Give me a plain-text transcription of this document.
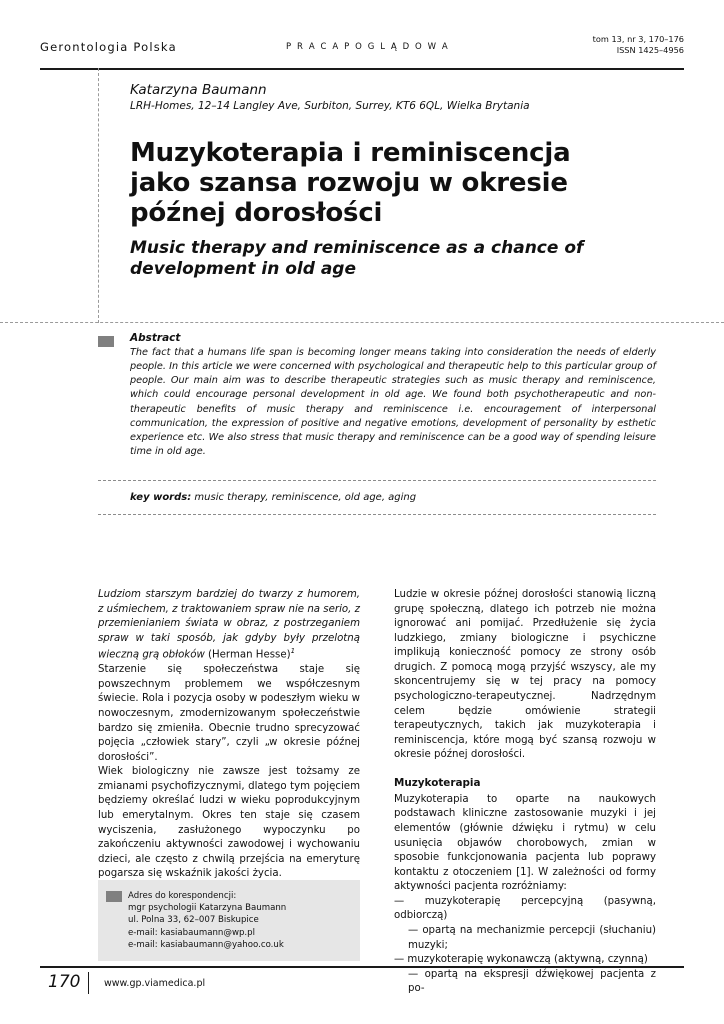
Gerontologia Polska	P R A C A P O G L Ą D O W A
tom 13, nr 3, 170–176
ISSN 1425–4956

Katarzyna Baumann

LRH-Homes, 12–14 Langley Ave, Surbiton, Surrey, KT6 6QL, Wielka Brytania

Muzykoterapia i reminiscencja jako szansa rozwoju w okresie późnej dorosłości
Music therapy and reminiscence as a chance of development in old age

Abstract

The fact that a humans life span is becoming longer means taking into consideration the needs of elderly people. In this article we were concerned with psychological and therapeutic help to this particular group of people. Our main aim was to describe therapeutic strategies such as music therapy and reminiscence, which could encourage personal development in old age. We found both psychotherapeutic and non-therapeutic benefits of music therapy and reminiscence i.e. encouragement of interpersonal communication, the expression of positive and negative emotions, development of personality by esthetic experience etc. We also stress that music therapy and reminiscence can be a good way of spending leisure time in old age.

key words: music therapy, reminiscence, old age, aging

Ludziom starszym bardziej do twarzy z humorem, z uśmiechem, z traktowaniem spraw nie na serio, z przemienianiem świata w obraz, z postrzeganiem spraw w taki sposób, jak gdyby były przelotną wieczną grą obłoków (Herman Hesse)$^1$

Starzenie się społeczeństwa staje się powszechnym problemem we współczesnym świecie. Rola i pozycja osoby w podeszłym wieku w nowoczesnym, zmodernizowanym społeczeństwie bardzo się zmieniła. Obecnie trudno sprecyzować pojęcia „człowiek stary”, czyli „w okresie późnej dorosłości”.

Wiek biologiczny nie zawsze jest tożsamy ze zmianami psychofizycznymi, dlatego tym pojęciem będziemy określać ludzi w wieku poprodukcyjnym lub emerytalnym. Okres ten staje się czasem wyciszenia, zasłużonego wypoczynku po zakończeniu aktywności zawodowej i wychowaniu dzieci, ale często z chwilą przejścia na emeryturę pogarsza się wskaźnik jakości życia.

Ludzie w okresie późnej dorosłości stanowią liczną grupę społeczną, dlatego ich potrzeb nie można ignorować ani pomijać. Przedłużenie się życia ludzkiego, zmiany biologiczne i psychiczne implikują konieczność pomocy ze strony osób drugich. Z pomocą mogą przyjść wszyscy, ale my skoncentrujemy się w tej pracy na pomocy psychologiczno-terapeutycznej. Nadrzędnym celem będzie omówienie strategii terapeutycznych, takich jak muzykoterapia i reminiscencja, które mogą być szansą rozwoju w okresie późnej dorosłości.

Muzykoterapia

Muzykoterapia to oparte na naukowych podstawach kliniczne zastosowanie muzyki i jej elementów (głównie dźwięku i rytmu) w celu usunięcia objawów chorobowych, zmian w sposobie funkcjonowania pacjenta lub poprawy kontaktu z otoczeniem [1]. W zależności od formy aktywności pacjenta rozróżniamy:

— muzykoterapię percepcyjną (pasywną, odbiorczą)
— opartą na mechanizmie percepcji (słuchaniu) muzyki;
— muzykoterapię wykonawczą (aktywną, czynną)
— opartą na ekspresji dźwiękowej pacjenta z po-
Adres do korespondencji:
mgr psychologii Katarzyna Baumann
ul. Polna 33, 62–007 Biskupice
e-mail: kasiabaumann@wp.pl
e-mail: kasiabaumann@yahoo.co.uk
170 www.gp.viamedica.pl
